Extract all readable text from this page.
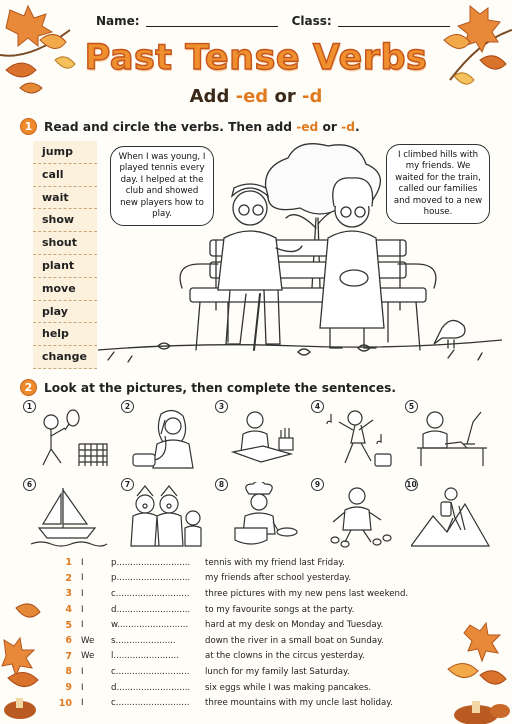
Name:	Class:
Past Tense Verbs
Add -ed or -d
1 Read and circle the verbs. Then add -ed or -d.
jump
call
wait
show
shout
plant
move
play
help
change
When I was young, I played tennis every day. I helped at the club and showed new players how to play.
I climbed hills with my friends. We waited for the train, called our families and moved to a new house.
2 Look at the pictures, then complete the sentences.
1	2	3	4	5
6	7	8	9	10
1 I	p...........................	tennis with my friend last Friday.
2 I	p...........................	my friends after school yesterday.
3 I	c...........................	three pictures with my new pens last weekend.
4 I	d...........................	to my favourite songs at the party.
5 I	w..........................	hard at my desk on Monday and Tuesday.
6 We	s......................	down the river in a small boat on Sunday.
7 We	l........................	at the clowns in the circus yesterday.
8 I	c...........................	lunch for my family last Saturday.
9 I	d...........................	six eggs while I was making pancakes.
10 I	c...........................	three mountains with my uncle last holiday.
